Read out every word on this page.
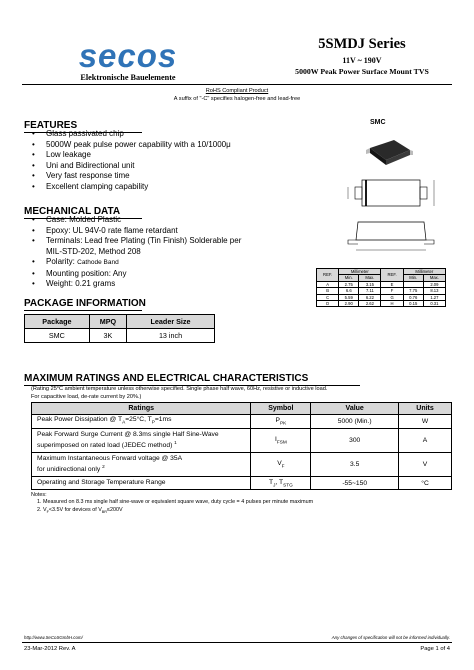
secos
Elektronische Bauelemente
5SMDJ Series
11V ~ 190V
5000W Peak Power Surface Mount TVS
RoHS Compliant Product
A suffix of "-C" specifies halogen-free and lead-free
FEATURES
• Glass passivated chip
• 5000W peak pulse power capability with a 10/1000μ
• Low leakage
• Uni and Bidirectional unit
• Very fast response time
• Excellent clamping capability
MECHANICAL DATA
• Case: Molded Plastic
• Epoxy: UL 94V-0 rate flame retardant
• Terminals: Lead free Plating (Tin Finish) Solderable per
MIL-STD-202, Method 208
• Polarity: Cathode Band
• Mounting position: Any
• Weight: 0.21 grams
SMC
REF.	Millimeter		REF.	Millimeter	
	Min.	Max.		Min.	Max.
A	2.75	3.15	E		2.09
B	6.6	7.11	F	7.75	8.13
C	5.59	6.22	G	0.76	1.27
D	2.90	2.62	H	0.15	0.31
PACKAGE INFORMATION
Package	MPQ	Leader Size
SMC	3K	13 inch
MAXIMUM RATINGS AND ELECTRICAL CHARACTERISTICS
(Rating 25°C ambient temperature unless otherwise specified. Single phase half wave, 60Hz, resistive or inductive load.
For capacitive load, de-rate current by 20%.)
Ratings	Symbol	Value	Units
Peak Power Dissipation @ $T_A=25^\circ C$, $T_P=1ms$	$P_{PK}$	5000 (Min.)	W
Peak Forward Surge Current @ 8.3ms single Half Sine-Wave
superimposed on rated load (JEDEC method) $^1$	$I_{FSM}$	300	A
Maximum Instantaneous Forward voltage @ 35A
for unidirectional only $^2$	$V_F$	3.5	V
Operating and Storage Temperature Range	$T_J$, $T_{STG}$	-55~150	°C
Notes:
1. Measured on 8.3 ms single half sine-wave or equivalent square wave, duty cycle = 4 pulses per minute maximum
2. $V_F<3.5V$ for devices of $V_{BR}\le 200V$
http://www.SeCoSGmbH.com/	Any changes of specification will not be informed individually.
23-Mar-2012 Rev. A	Page 1 of 4
